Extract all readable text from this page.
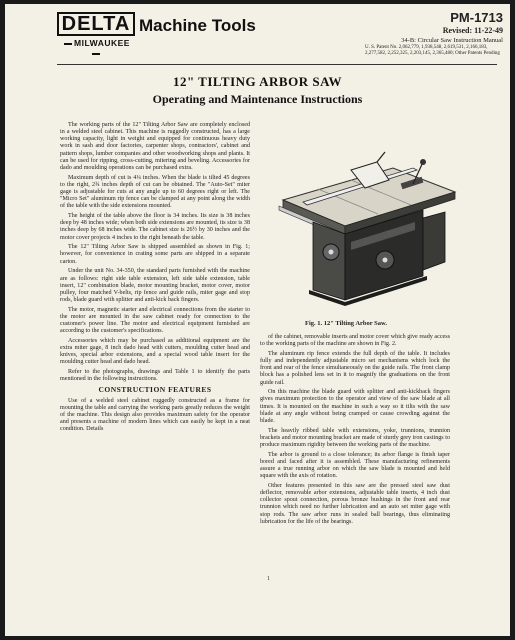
DELTA
MILWAUKEE
Machine Tools	PM-1713
Revised: 11-22-49
34-B: Circular Saw Instruction Manual
U. S. Patent No. 2,062,779, 1,938,548, 2,619,531, 2,166,183, 2,277,582, 2,252,325, 2,203,145, 2,365,480; Other Patents Pending
12" TILTING ARBOR SAW
Operating and Maintenance Instructions

The working parts of the 12" Tilting Arbor Saw are completely enclosed in a welded steel cabinet. This machine is ruggedly constructed, has a large working capacity, light in weight and equipped for continuous heavy duty work in sash and door factories, carpenter shops, contractors', cabinet and pattern shops, lumber companies and other woodworking shops and plants. It can be used for ripping, cross-cutting, mitering and beveling. Accessories for dado and moulding operations can be purchased extra.

Maximum depth of cut is 4¼ inches. When the blade is tilted 45 degrees to the right, 2¾ inches depth of cut can be obtained. The "Auto-Set" miter gage is adjustable for cuts at any angle up to 60 degrees right or left. The "Micro Set" aluminum rip fence can be clamped at any point along the width of the table with the side extensions mounted.

The height of the table above the floor is 34 inches. Its size is 38 inches deep by 48 inches wide; when both side extensions are mounted, its size is 38 inches deep by 68 inches wide. The cabinet size is 26½ by 30 inches and the motor cover projects 4 inches to the right beneath the table.

The 12" Tilting Arbor Saw is shipped assembled as shown in Fig. 1; however, for convenience in crating some parts are shipped in a separate carton.

Under the unit No. 34-350, the standard parts furnished with the machine are as follows: right side table extension, left side table extension, table insert, 12" combination blade, motor mounting bracket, motor cover, motor pulley, four matched V-belts, rip fence and guide rails, miter gage and stop rods, blade guard with splitter and anti-kick back fingers.

The motor, magnetic starter and electrical connections from the starter to the motor are mounted in the saw cabinet ready for connection to the customer's power line. The motor and electrical equipment furnished are according to the customer's specifications.

Accessories which may be purchased as additional equipment are the extra miter gage, 8 inch dado head with cutters, moulding cutter head and knives, special arbor extensions, and a special wood table insert for the moulding cutter head and dado head.

Refer to the photographs, drawings and Table 1 to identify the parts mentioned in the following instructions.

CONSTRUCTION FEATURES

Use of a welded steel cabinet ruggedly constructed as a frame for mounting the table and carrying the working parts greatly reduces the weight of the machine. This design also provides maximum safety for the operator and presents a machine of modern lines which can easily be kept in a neat condition. Details

Fig. 1. 12" Tilting Arbor Saw.

of the cabinet, removable inserts and motor cover which give ready access to the working parts of the machine are shown in Fig. 2.

The aluminum rip fence extends the full depth of the table. It includes fully and independently adjustable micro set mechanisms which lock the front and rear of the fence simultaneously on the guide rails. The front clamp block has a polished lens set in it to magnify the graduations on the front guide rail.

On this machine the blade guard with splitter and anti-kickback fingers gives maximum protection to the operator and view of the saw blade at all times. It is mounted on the machine in such a way so it tilts with the saw blade at any angle without being cramped or cause crowding against the blade.

The heavily ribbed table with extensions, yoke, trunnions, trunnion brackets and motor mounting bracket are made of sturdy grey iron castings to produce maximum rigidity between the working parts of the machine.

The arbor is ground to a close tolerance; its arbor flange is finish taper bored and faced after it is assembled. These manufacturing refinements assure a true running arbor on which the saw blade is mounted and held square with the axis of rotation.

Other features presented in this saw are the pressed steel saw dust deflector, removable arbor extensions, adjustable table inserts, 4 inch dust collector spout connection, porous bronze bushings in the front and rear trunnion which need no further lubrication and an auto set miter gage with stop rods. The saw arbor runs in sealed ball bearings, thus eliminating lubrication for the life of the bearings.

1
